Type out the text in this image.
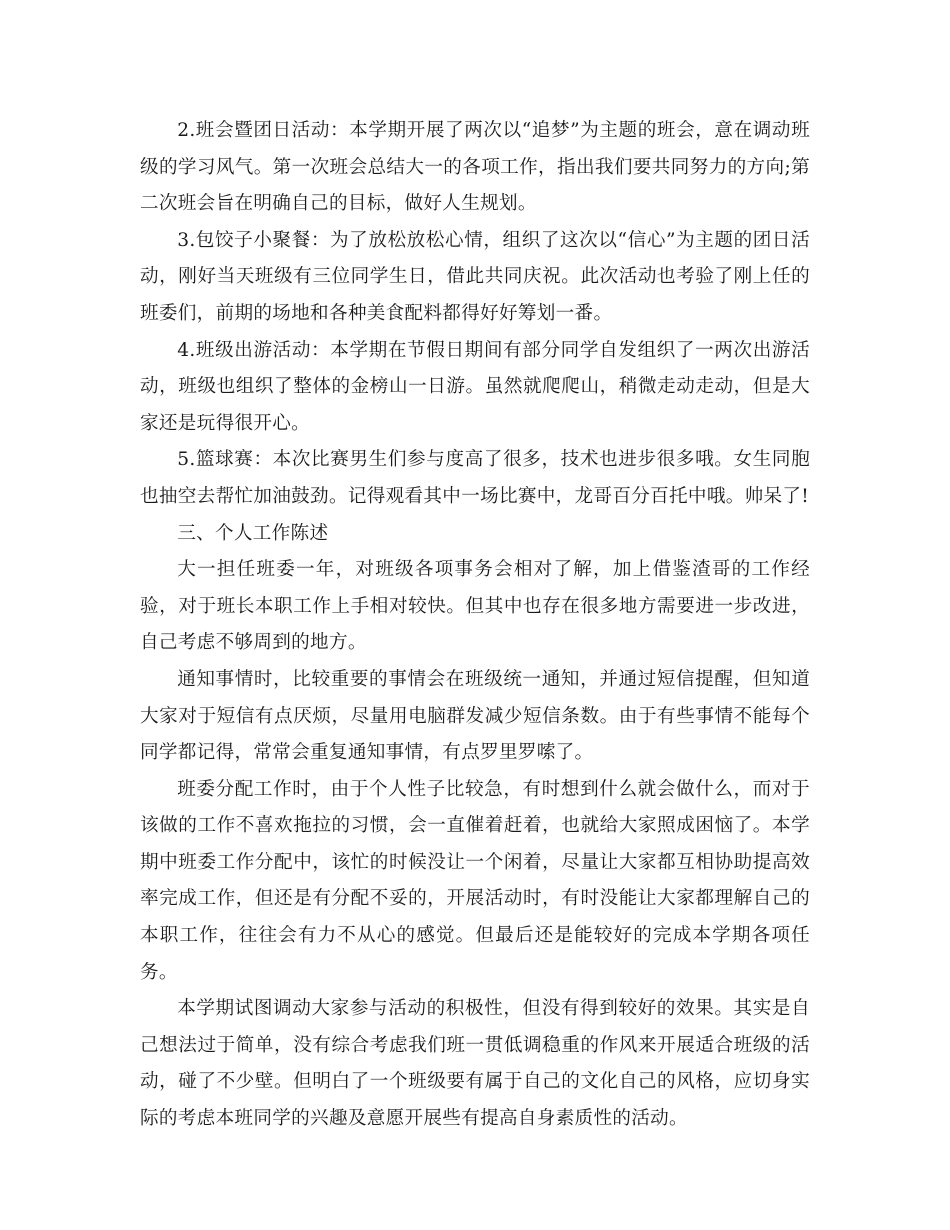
2.班会暨团日活动：本学期开展了两次以“追梦”为主题的班会，意在调动班级的学习风气。第一次班会总结大一的各项工作，指出我们要共同努力的方向;第二次班会旨在明确自己的目标，做好人生规划。

3.包饺子小聚餐：为了放松放松心情，组织了这次以“信心”为主题的团日活动，刚好当天班级有三位同学生日，借此共同庆祝。此次活动也考验了刚上任的班委们，前期的场地和各种美食配料都得好好筹划一番。

4.班级出游活动：本学期在节假日期间有部分同学自发组织了一两次出游活动，班级也组织了整体的金榜山一日游。虽然就爬爬山，稍微走动走动，但是大家还是玩得很开心。

5.篮球赛：本次比赛男生们参与度高了很多，技术也进步很多哦。女生同胞也抽空去帮忙加油鼓劲。记得观看其中一场比赛中，龙哥百分百托中哦。帅呆了!

三、个人工作陈述

大一担任班委一年，对班级各项事务会相对了解，加上借鉴渣哥的工作经验，对于班长本职工作上手相对较快。但其中也存在很多地方需要进一步改进，自己考虑不够周到的地方。

通知事情时，比较重要的事情会在班级统一通知，并通过短信提醒，但知道大家对于短信有点厌烦，尽量用电脑群发减少短信条数。由于有些事情不能每个同学都记得，常常会重复通知事情，有点罗里罗嗦了。

班委分配工作时，由于个人性子比较急，有时想到什么就会做什么，而对于该做的工作不喜欢拖拉的习惯，会一直催着赶着，也就给大家照成困恼了。本学期中班委工作分配中，该忙的时候没让一个闲着，尽量让大家都互相协助提高效率完成工作，但还是有分配不妥的，开展活动时，有时没能让大家都理解自己的本职工作，往往会有力不从心的感觉。但最后还是能较好的完成本学期各项任务。

本学期试图调动大家参与活动的积极性，但没有得到较好的效果。其实是自己想法过于简单，没有综合考虑我们班一贯低调稳重的作风来开展适合班级的活动，碰了不少壁。但明白了一个班级要有属于自己的文化自己的风格，应切身实际的考虑本班同学的兴趣及意愿开展些有提高自身素质性的活动。
